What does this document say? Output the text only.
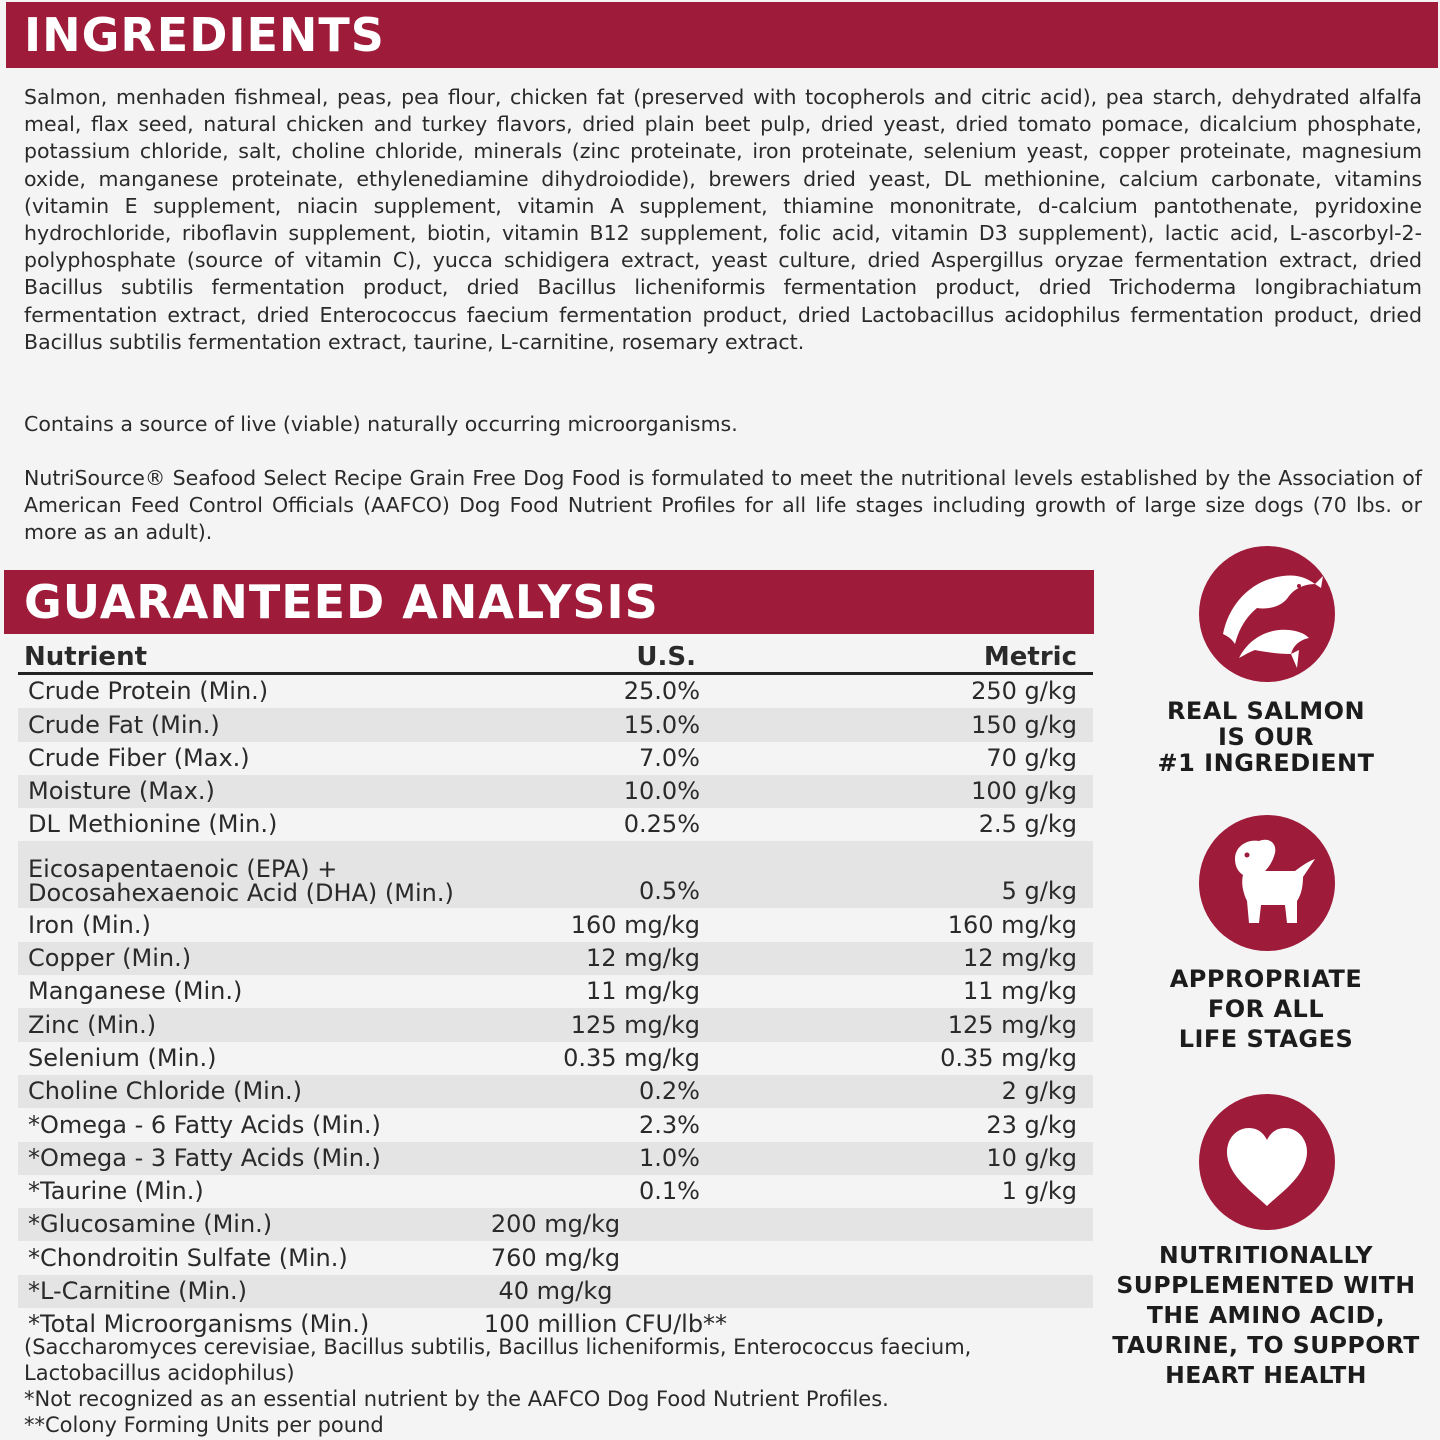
INGREDIENTS

Salmon, menhaden fishmeal, peas, pea flour, chicken fat (preserved with tocopherols and citric acid), pea starch, dehydrated alfalfa meal, flax seed, natural chicken and turkey flavors, dried plain beet pulp, dried yeast, dried tomato pomace, dicalcium phosphate, potassium chloride, salt, choline chloride, minerals (zinc proteinate, iron proteinate, selenium yeast, copper proteinate, magnesium oxide, manganese proteinate, ethylenediamine dihydroiodide), brewers dried yeast, DL methionine, calcium carbonate, vitamins (vitamin E supplement, niacin supplement, vitamin A supplement, thiamine mononitrate, d-calcium pantothenate, pyridoxine hydrochloride, riboflavin supplement, biotin, vitamin B12 supplement, folic acid, vitamin D3 supplement), lactic acid, L-ascorbyl-2-polyphosphate (source of vitamin C), yucca schidigera extract, yeast culture, dried Aspergillus oryzae fermentation extract, dried Bacillus subtilis fermentation product, dried Bacillus licheniformis fermentation product, dried Trichoderma longibrachiatum fermentation extract, dried Enterococcus faecium fermentation product, dried Lactobacillus acidophilus fermentation product, dried Bacillus subtilis fermentation extract, taurine, L-carnitine, rosemary extract.

Contains a source of live (viable) naturally occurring microorganisms.

NutriSource® Seafood Select Recipe Grain Free Dog Food is formulated to meet the nutritional levels established by the Association of American Feed Control Officials (AAFCO) Dog Food Nutrient Profiles for all life stages including growth of large size dogs (70 lbs. or more as an adult).

GUARANTEED ANALYSIS
Nutrient	U.S.	Metric
Crude Protein (Min.)	25.0%	250 g/kg
Crude Fat (Min.)	15.0%	150 g/kg
Crude Fiber (Max.)	7.0%	70 g/kg
Moisture (Max.)	10.0%	100 g/kg
DL Methionine (Min.)	0.25%	2.5 g/kg
Eicosapentaenoic (EPA) + Docosahexaenoic Acid (DHA) (Min.)	0.5%	5 g/kg
Iron (Min.)	160 mg/kg	160 mg/kg
Copper (Min.)	12 mg/kg	12 mg/kg
Manganese (Min.)	11 mg/kg	11 mg/kg
Zinc (Min.)	125 mg/kg	125 mg/kg
Selenium (Min.)	0.35 mg/kg	0.35 mg/kg
Choline Chloride (Min.)	0.2%	2 g/kg
*Omega - 6 Fatty Acids (Min.)	2.3%	23 g/kg
*Omega - 3 Fatty Acids (Min.)	1.0%	10 g/kg
*Taurine (Min.)	0.1%	1 g/kg
*Glucosamine (Min.)	200 mg/kg
*Chondroitin Sulfate (Min.)	760 mg/kg
*L-Carnitine (Min.)	40 mg/kg
*Total Microorganisms (Min.)	100 million CFU/lb**

(Saccharomyces cerevisiae, Bacillus subtilis, Bacillus licheniformis, Enterococcus faecium, Lactobacillus acidophilus)

*Not recognized as an essential nutrient by the AAFCO Dog Food Nutrient Profiles.

**Colony Forming Units per pound

REAL SALMON
IS OUR
#1 INGREDIENT
APPROPRIATE
FOR ALL
LIFE STAGES
NUTRITIONALLY
SUPPLEMENTED WITH
THE AMINO ACID,
TAURINE, TO SUPPORT
HEART HEALTH
